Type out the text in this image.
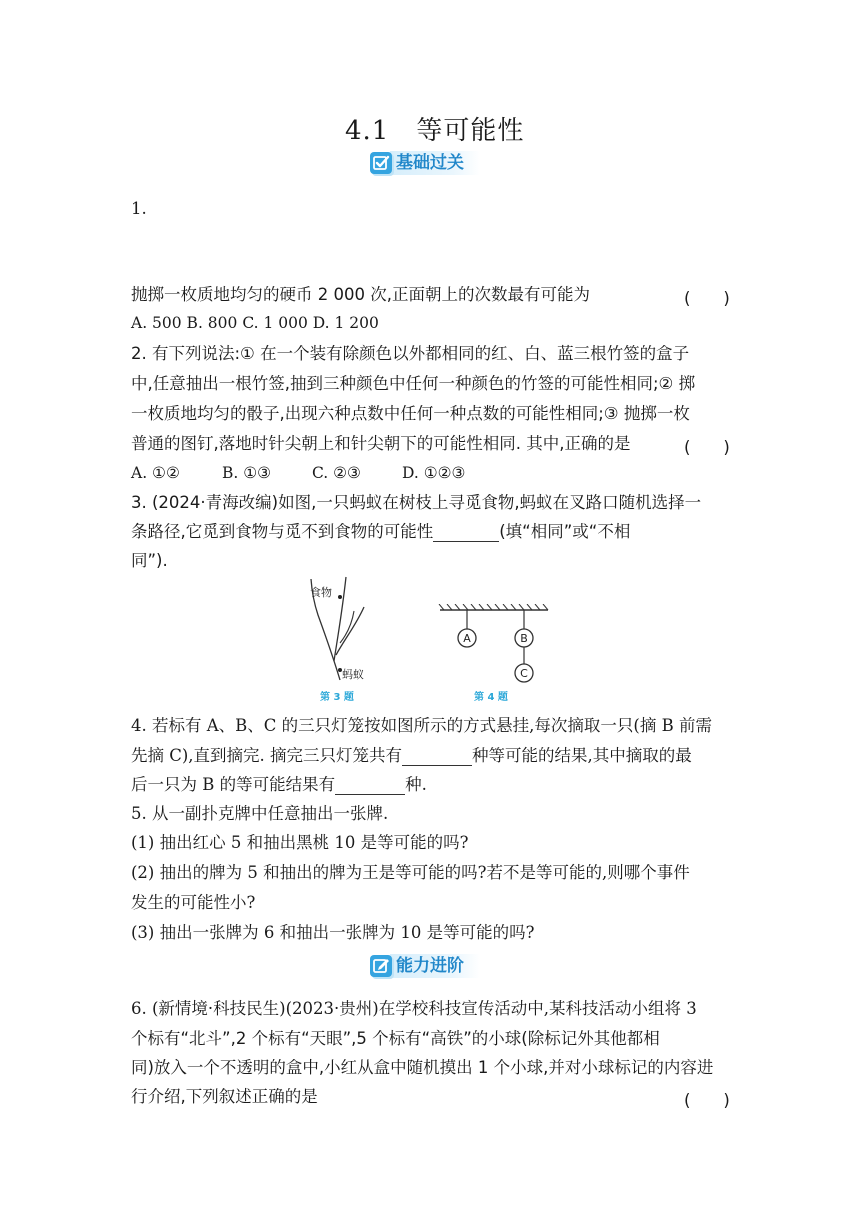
4.1　等可能性
基础过关
1.
抛掷一枚质地均匀的硬币 2 000 次,正面朝上的次数最有可能为	(　　)
A. 500 B. 800 C. 1 000 D. 1 200
2. 有下列说法:① 在一个装有除颜色以外都相同的红、白、蓝三根竹签的盒子
中,任意抽出一根竹签,抽到三种颜色中任何一种颜色的竹签的可能性相同;② 掷
一枚质地均匀的骰子,出现六种点数中任何一种点数的可能性相同;③ 抛掷一枚
普通的图钉,落地时针尖朝上和针尖朝下的可能性相同. 其中,正确的是	(　　)
A. ①②	B. ①③	C. ②③	D. ①②③
3. (2024·青海改编)如图,一只蚂蚁在树枝上寻觅食物,蚂蚁在叉路口随机选择一
条路径,它觅到食物与觅不到食物的可能性	(填“相同”或“不相
同”).
食物
蚂蚁
第 3 题
A	B
C
第 4 题
4. 若标有 A、B、C 的三只灯笼按如图所示的方式悬挂,每次摘取一只(摘 B 前需
先摘 C),直到摘完. 摘完三只灯笼共有	种等可能的结果,其中摘取的最
后一只为 B 的等可能结果有	种.
5. 从一副扑克牌中任意抽出一张牌.
(1) 抽出红心 5 和抽出黑桃 10 是等可能的吗?
(2) 抽出的牌为 5 和抽出的牌为王是等可能的吗?若不是等可能的,则哪个事件
发生的可能性小?
(3) 抽出一张牌为 6 和抽出一张牌为 10 是等可能的吗?
能力进阶
6. (新情境·科技民生)(2023·贵州)在学校科技宣传活动中,某科技活动小组将 3
个标有“北斗”,2 个标有“天眼”,5 个标有“高铁”的小球(除标记外其他都相
同)放入一个不透明的盒中,小红从盒中随机摸出 1 个小球,并对小球标记的内容进
行介绍,下列叙述正确的是	(　　)
